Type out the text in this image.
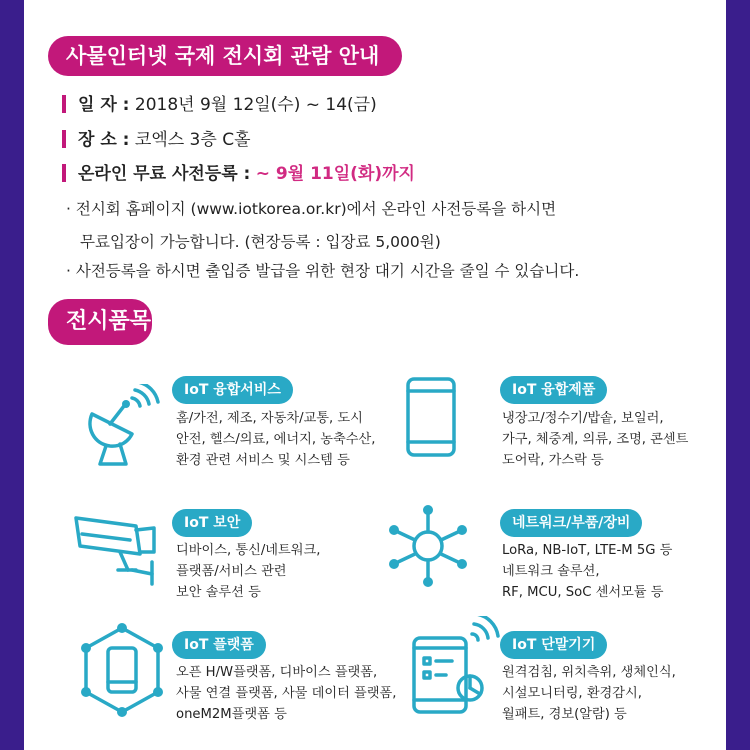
사물인터넷 국제 전시회 관람 안내
일 자 : 2018년 9월 12일(수) ~ 14(금)
장 소 : 코엑스 3층 C홀
온라인 무료 사전등록 : ~ 9월 11일(화)까지
· 전시회 홈페이지 (www.iotkorea.or.kr)에서 온라인 사전등록을 하시면
무료입장이 가능합니다. (현장등록 : 입장료 5,000원)
· 사전등록을 하시면 출입증 발급을 위한 현장 대기 시간을 줄일 수 있습니다.
전시품목
IoT 융합서비스
홈/가전, 제조, 자동차/교통, 도시
안전, 헬스/의료, 에너지, 농축수산,
환경 관련 서비스 및 시스템 등
IoT 융합제품
냉장고/정수기/밥솥, 보일러,
가구, 체중계, 의류, 조명, 콘센트
도어락, 가스락 등
IoT 보안
디바이스, 통신/네트워크,
플랫폼/서비스 관련
보안 솔루션 등
네트워크/부품/장비
LoRa, NB-IoT, LTE-M 5G 등
네트워크 솔루션,
RF, MCU, SoC 센서모듈 등
IoT 플랫폼
오픈 H/W플랫폼, 디바이스 플랫폼,
사물 연결 플랫폼, 사물 데이터 플랫폼,
oneM2M플랫폼 등
IoT 단말기기
원격검침, 위치측위, 생체인식,
시설모니터링, 환경감시,
월패트, 경보(알람) 등
